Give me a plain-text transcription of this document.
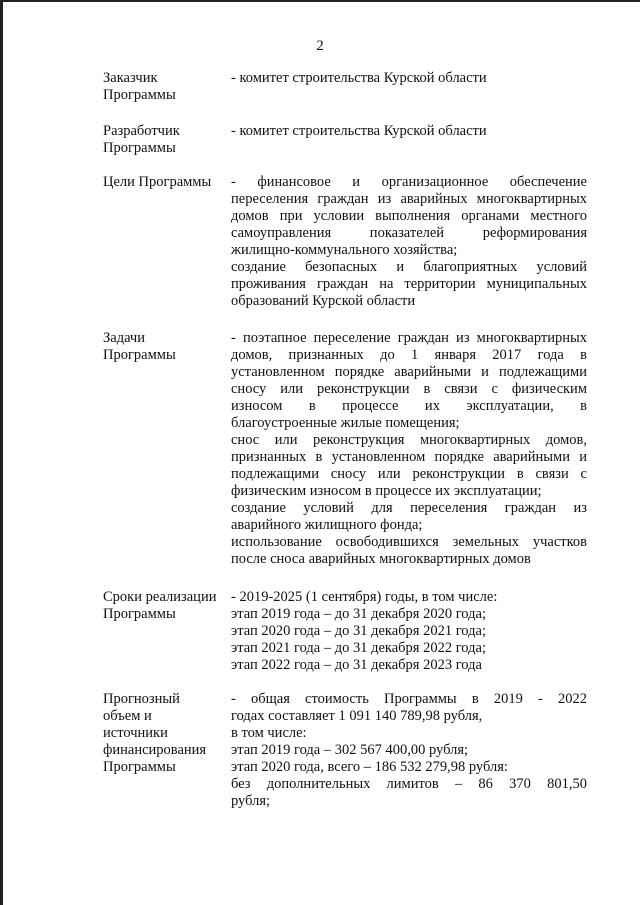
2
Заказчик
Программы
- комитет строительства Курской области
Разработчик
Программы
- комитет строительства Курской области
Цели Программы	- финансовое и организационное обеспечение
переселения граждан из аварийных многоквартирных
домов при условии выполнения органами местного
самоуправления показателей реформирования
жилищно-коммунального хозяйства;
создание безопасных и благоприятных условий
проживания граждан на территории муниципальных
образований Курской области
Задачи
Программы
- поэтапное переселение граждан из многоквартирных
домов, признанных до 1 января 2017 года в
установленном порядке аварийными и подлежащими
сносу или реконструкции в связи с физическим
износом в процессе их эксплуатации, в
благоустроенные жилые помещения;
снос или реконструкция многоквартирных домов,
признанных в установленном порядке аварийными и
подлежащими сносу или реконструкции в связи с
физическим износом в процессе их эксплуатации;
создание условий для переселения граждан из
аварийного жилищного фонда;
использование освободившихся земельных участков
после сноса аварийных многоквартирных домов
Сроки реализации
Программы
- 2019-2025 (1 сентября) годы, в том числе:
этап 2019 года – до 31 декабря 2020 года;
этап 2020 года – до 31 декабря 2021 года;
этап 2021 года – до 31 декабря 2022 года;
этап 2022 года – до 31 декабря 2023 года
Прогнозный
объем и
источники
финансирования
Программы
- общая стоимость Программы в 2019 - 2022
годах составляет 1 091 140 789,98 рубля,
в том числе:
этап 2019 года – 302 567 400,00 рубля;
этап 2020 года, всего – 186 532 279,98 рубля:
без дополнительных лимитов – 86 370 801,50
рубля;
